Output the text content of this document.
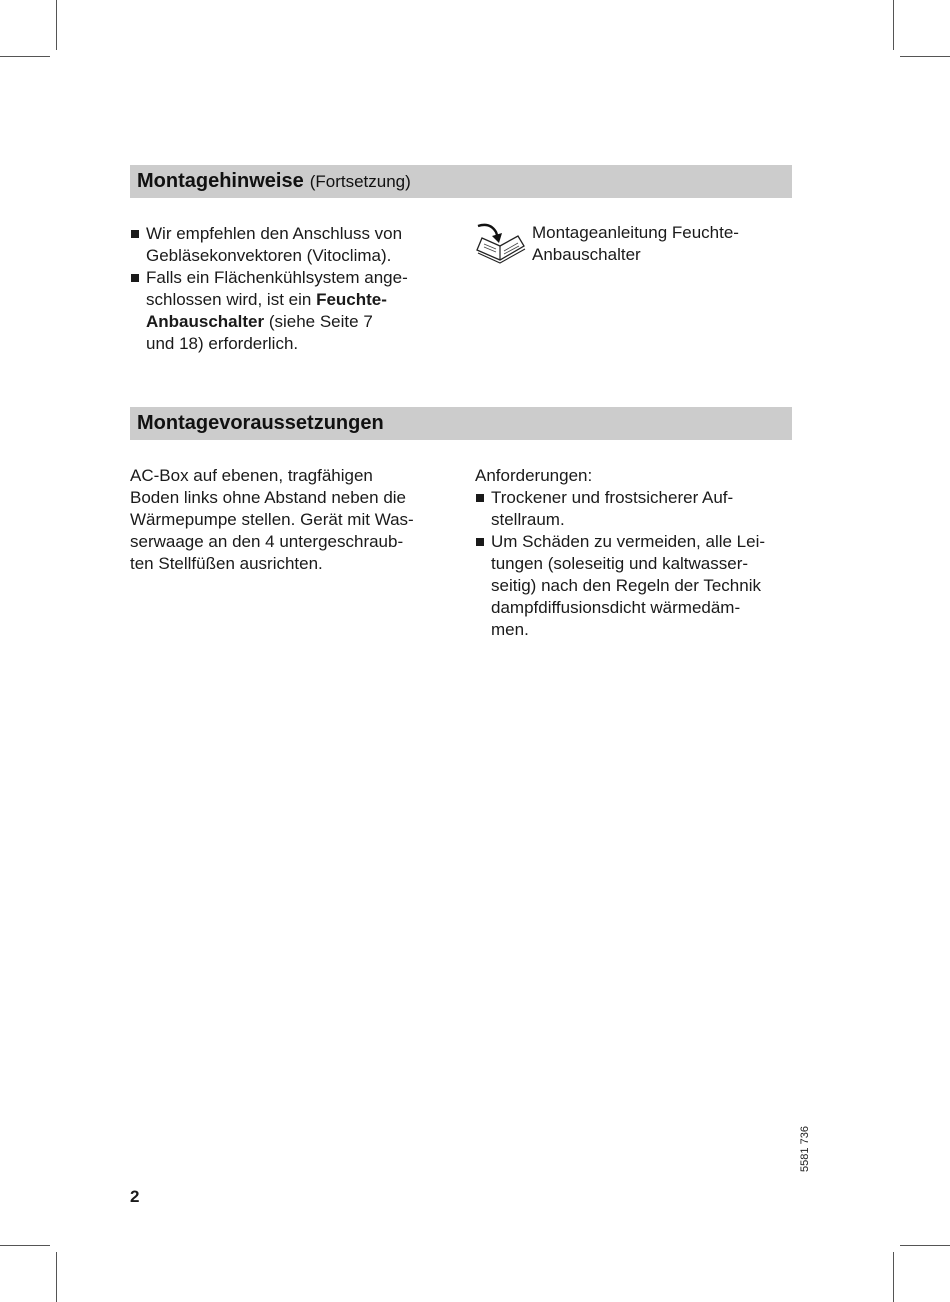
Montagehinweise (Fortsetzung)
Wir empfehlen den Anschluss von
Gebläsekonvektoren (Vitoclima).
Falls ein Flächenkühlsystem ange-
schlossen wird, ist ein Feuchte-
Anbauschalter (siehe Seite 7
und 18) erforderlich.
Montageanleitung Feuchte-
Anbauschalter
Montagevoraussetzungen

AC-Box auf ebenen, tragfähigen
Boden links ohne Abstand neben die
Wärmepumpe stellen. Gerät mit Was-
serwaage an den 4 untergeschraub-
ten Stellfüßen ausrichten.

Anforderungen:

Trockener und frostsicherer Auf-
stellraum.
Um Schäden zu vermeiden, alle Lei-
tungen (soleseitig und kaltwasser-
seitig) nach den Regeln der Technik
dampfdiffusionsdicht wärmedäm-
men.
5581 736
2
